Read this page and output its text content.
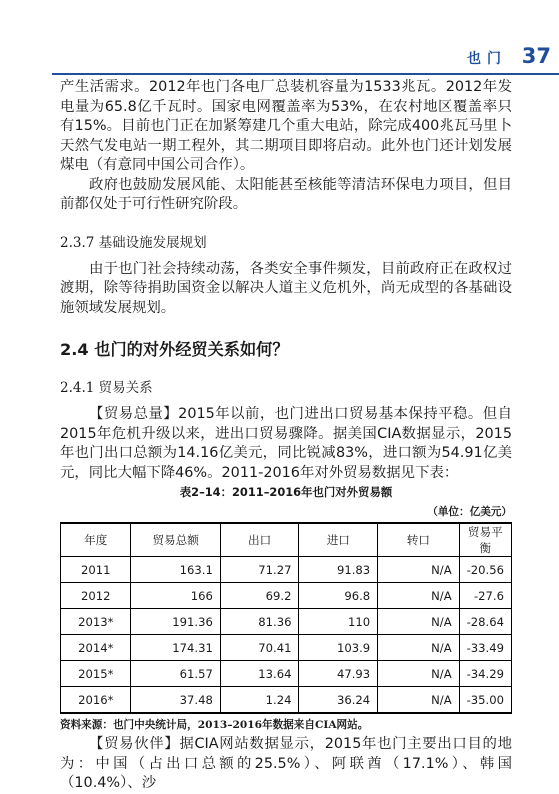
也门 37

产生活需求。2012年也门各电厂总装机容量为1533兆瓦。2012年发电量为65.8亿千瓦时。国家电网覆盖率为53%，在农村地区覆盖率只有15%。目前也门正在加紧筹建几个重大电站，除完成400兆瓦马里卜天然气发电站一期工程外，其二期项目即将启动。此外也门还计划发展煤电（有意同中国公司合作）。

政府也鼓励发展风能、太阳能甚至核能等清洁环保电力项目，但目前都仅处于可行性研究阶段。

2.3.7 基础设施发展规划

由于也门社会持续动荡，各类安全事件频发，目前政府正在政权过渡期，除等待捐助国资金以解决人道主义危机外，尚无成型的各基础设施领域发展规划。

2.4 也门的对外经贸关系如何？
2.4.1 贸易关系

【贸易总量】2015年以前，也门进出口贸易基本保持平稳。但自2015年危机升级以来，进出口贸易骤降。据美国CIA数据显示，2015年也门出口总额为14.16亿美元，同比锐减83%，进口额为54.91亿美元，同比大幅下降46%。2011-2016年对外贸易数据见下表：

表2–14：2011–2016年也门对外贸易额
（单位：亿美元）
年度	贸易总额	出口	进口	转口	贸易平衡
2011	163.1	71.27	91.83	N/A	-20.56
2012	166	69.2	96.8	N/A	-27.6
2013*	191.36	81.36	110	N/A	-28.64
2014*	174.31	70.41	103.9	N/A	-33.49
2015*	61.57	13.64	47.93	N/A	-34.29
2016*	37.48	1.24	36.24	N/A	-35.00
资料来源：也门中央统计局，2013–2016年数据来自CIA网站。

【贸易伙伴】据CIA网站数据显示，2015年也门主要出口目的地为：中国（占出口总额的25.5%）、阿联酋（17.1%）、韩国（10.4%）、沙
